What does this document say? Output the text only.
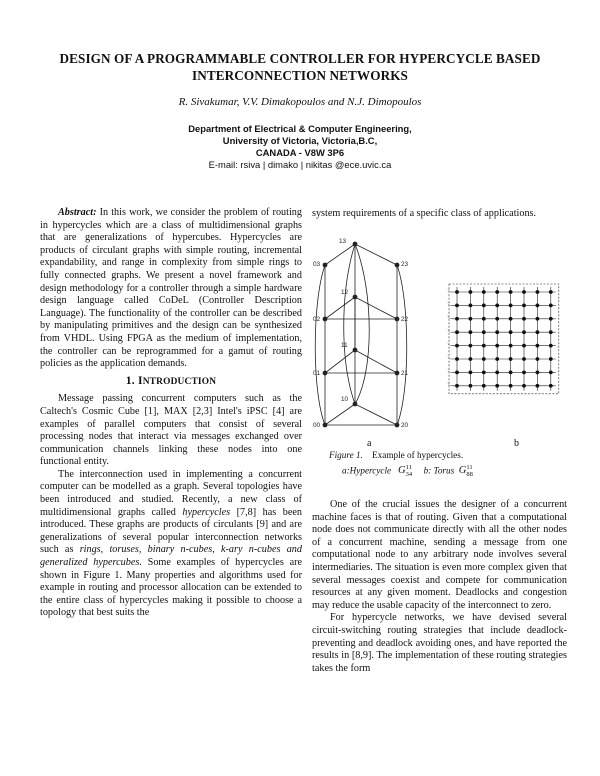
DESIGN OF A PROGRAMMABLE CONTROLLER FOR HYPERCYCLE BASED
INTERCONNECTION NETWORKS
R. Sivakumar, V.V. Dimakopoulos and N.J. Dimopoulos
Department of Electrical & Computer Engineering,
University of Victoria, Victoria,B.C,
CANADA - V8W 3P6
E-mail: rsiva | dimako | nikitas @ece.uvic.ca

Abstract: In this work, we consider the problem of routing in hypercycles which are a class of multidimensional graphs that are generalizations of hypercubes. Hypercycles are products of circulant graphs with simple routing, incremental expandability, and range in complexity from simple rings to fully connected graphs. We present a novel framework and design methodology for a controller through a simple hardware design language called CoDeL (Controller Description Language). The functionality of the controller can be described by manipulating primitives and the design can be synthesized from VHDL. Using FPGA as the medium of implementation, the controller can be reprogrammed for a gamut of routing policies as the application demands.

1. INTRODUCTION

Message passing concurrent computers such as the Caltech's Cosmic Cube [1], MAX [2,3] Intel's iPSC [4] are examples of parallel computers that consist of several processing nodes that interact via messages exchanged over communication channels linking these nodes into one functional entity.

The interconnection used in implementing a concurrent computer can be modelled as a graph. Several topologies have been introduced and studied. Recently, a new class of multidimensional graphs called hypercycles [7,8] has been introduced. These graphs are products of circulants [9] and are generalizations of several popular interconnection networks such as rings, toruses, binary n-cubes, k-ary n-cubes and generalized hypercubes. Some examples of hypercycles are shown in Figure 1. Many properties and algorithms used for example in routing and processor allocation can be extended to the entire class of hypercycles making it possible to choose a topology that best suits the

system requirements of a specific class of applications.

13
03	23
12
02	22
11
01	21
10
00	20
a	b
Figure 1. Example of hypercycles.
a:Hypercycle G 11
34 b: Torus G 11
88

One of the crucial issues the designer of a concurrent machine faces is that of routing. Given that a computational node does not communicate directly with all the other nodes of a concurrent machine, sending a message from one computational node to any arbitrary node involves several intermediaries. The situation is even more complex given that several messages coexist and compete for communication resources at any given moment. Deadlocks and congestion may reduce the usable capacity of the interconnect to zero.

For hypercycle networks, we have devised several circuit-switching routing strategies that include deadlock-preventing and deadlock avoiding ones, and have reported the results in [8,9]. The implementation of these routing strategies takes the form
